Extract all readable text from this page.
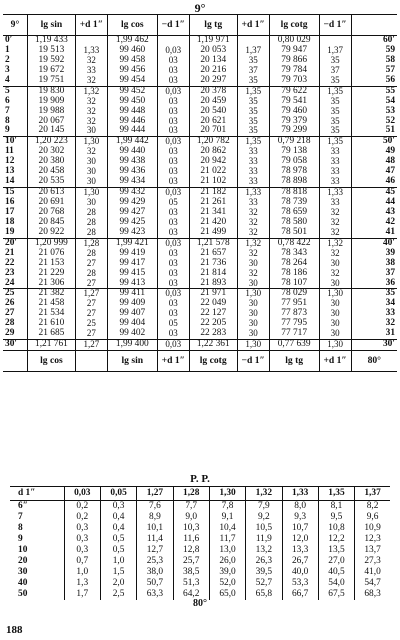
9°
9°	lg sin	+d 1″	lg cos	−d 1″	lg tg	+d 1″	lg cotg	−d 1″	
0′	1,19 433		1,99 462		1,19 971		0,80 029		60′
1	19 513	1,33	99 460	0,03	20 053	1,37	79 947	1,37	59
2	19 592	32	99 458	03	20 134	35	79 866	35	58
3	19 672	33	99 456	03	20 216	37	79 784	37	57
4	19 751	32	99 454	03	20 297	35	79 703	35	56
5	19 830	1,32	99 452	0,03	20 378	1,35	79 622	1,35	55
6	19 909	32	99 450	03	20 459	35	79 541	35	54
7	19 988	32	99 448	03	20 540	35	79 460	35	53
8	20 067	32	99 446	03	20 621	35	79 379	35	52
9	20 145	30	99 444	03	20 701	35	79 299	35	51
10′	1,20 223	1,30	1,99 442	0,03	1,20 782	1,35	0,79 218	1,35	50′
11	20 302	32	99 440	03	20 862	33	79 138	33	49
12	20 380	30	99 438	03	20 942	33	79 058	33	48
13	20 458	30	99 436	03	21 022	33	78 978	33	47
14	20 535	30	99 434	03	21 102	33	78 898	33	46
15	20 613	1,30	99 432	0,03	21 182	1,33	78 818	1,33	45
16	20 691	30	99 429	05	21 261	33	78 739	33	44
17	20 768	28	99 427	03	21 341	32	78 659	32	43
18	20 845	28	99 425	03	21 420	32	78 580	32	42
19	20 922	28	99 423	03	21 499	32	78 501	32	41
20′	1,20 999	1,28	1,99 421	0,03	1,21 578	1,32	0,78 422	1,32	40′
21	21 076	28	99 419	03	21 657	32	78 343	32	39
22	21 153	27	99 417	03	21 736	30	78 264	30	38
23	21 229	28	99 415	03	21 814	32	78 186	32	37
24	21 306	27	99 413	03	21 893	30	78 107	30	36
25	21 382	1,27	99 411	0,03	21 971	1,30	78 029	1,30	35
26	21 458	27	99 409	03	22 049	30	77 951	30	34
27	21 534	27	99 407	03	22 127	30	77 873	30	33
28	21 610	25	99 404	05	22 205	30	77 795	30	32
29	21 685	27	99 402	03	22 283	30	77 717	30	31
30′	1,21 761	1,27	1,99 400	0,03	1,22 361	1,30	0,77 639	1,30	30′
	lg cos		lg sin	+d 1″	lg cotg	−d 1″	lg tg	+d 1″	80°
P. P.
d 1″	0,03	0,05	1,27	1,28	1,30	1,32	1,33	1,35	1,37
6″	0,2	0,3	7,6	7,7	7,8	7,9	8,0	8,1	8,2
7	0,2	0,4	8,9	9,0	9,1	9,2	9,3	9,5	9,6
8	0,3	0,4	10,1	10,3	10,4	10,5	10,7	10,8	10,9
9	0,3	0,5	11,4	11,6	11,7	11,9	12,0	12,2	12,3
10	0,3	0,5	12,7	12,8	13,0	13,2	13,3	13,5	13,7
20	0,7	1,0	25,3	25,7	26,0	26,3	26,7	27,0	27,3
30	1,0	1,5	38,0	38,5	39,0	39,5	40,0	40,5	41,0
40	1,3	2,0	50,7	51,3	52,0	52,7	53,3	54,0	54,7
50	1,7	2,5	63,3	64,2	65,0	65,8	66,7	67,5	68,3
80°
188
